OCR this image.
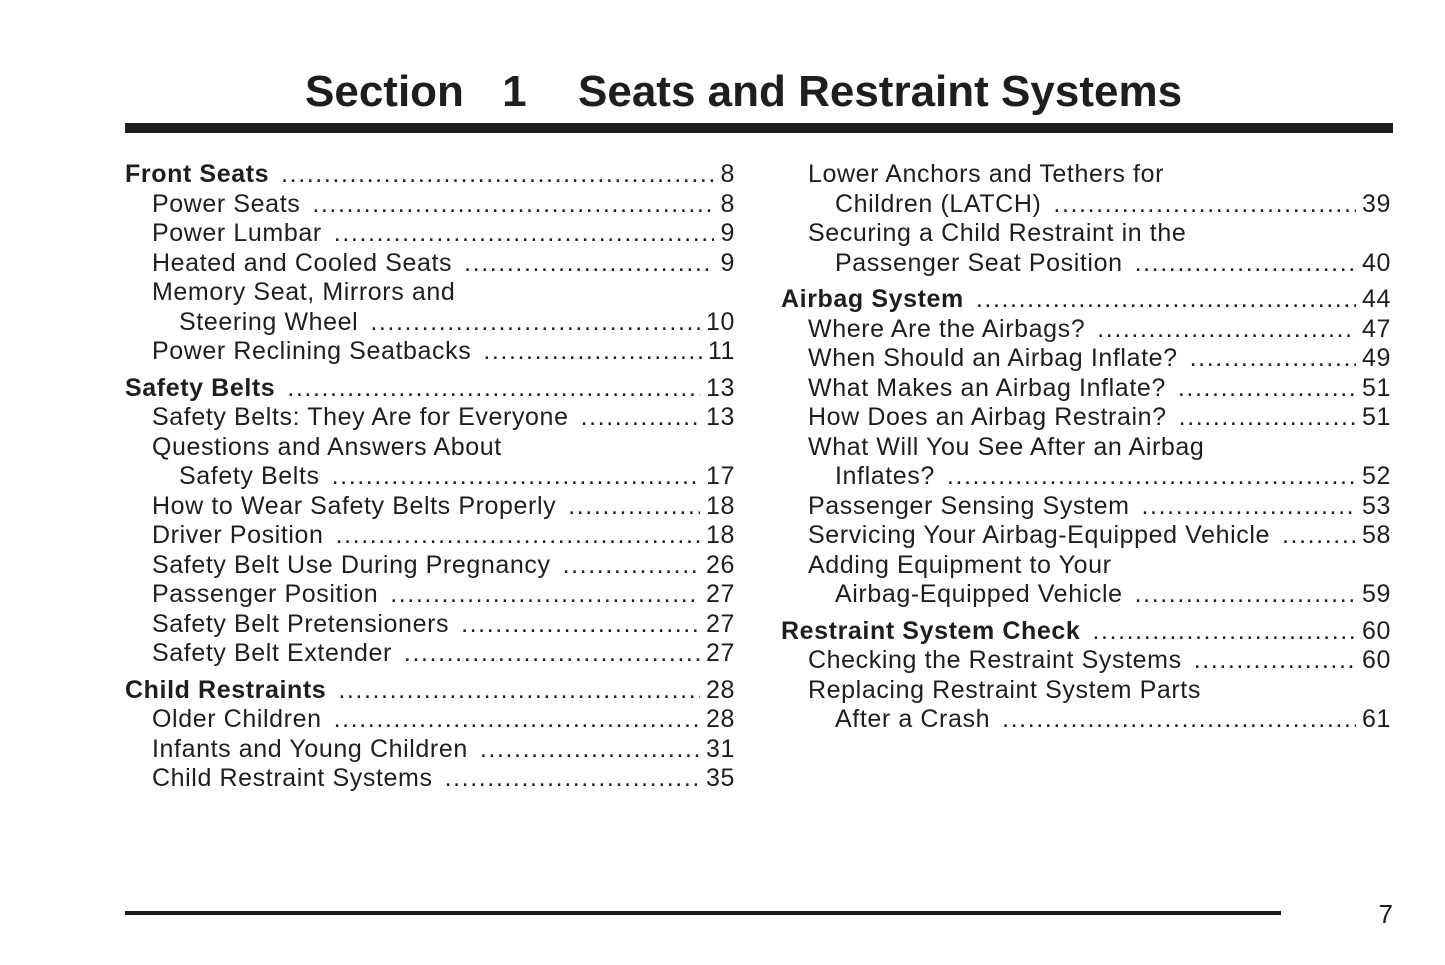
Section 1 Seats and Restraint Systems
Front Seats .....	8
Power Seats .....	8
Power Lumbar .....	9
Heated and Cooled Seats .....	9
Memory Seat, Mirrors and
Steering Wheel .....	10
Power Reclining Seatbacks .....	11
Safety Belts .....	13
Safety Belts: They Are for Everyone .....	13
Questions and Answers About
Safety Belts .....	17
How to Wear Safety Belts Properly .....	18
Driver Position .....	18
Safety Belt Use During Pregnancy .....	26
Passenger Position .....	27
Safety Belt Pretensioners .....	27
Safety Belt Extender .....	27
Child Restraints .....	28
Older Children .....	28
Infants and Young Children .....	31
Child Restraint Systems .....	35
Lower Anchors and Tethers for
Children (LATCH) .....	39
Securing a Child Restraint in the
Passenger Seat Position .....	40
Airbag System .....	44
Where Are the Airbags? .....	47
When Should an Airbag Inflate? .....	49
What Makes an Airbag Inflate? .....	51
How Does an Airbag Restrain? .....	51
What Will You See After an Airbag
Inflates? .....	52
Passenger Sensing System .....	53
Servicing Your Airbag-Equipped Vehicle .....	58
Adding Equipment to Your
Airbag-Equipped Vehicle .....	59
Restraint System Check .....	60
Checking the Restraint Systems .....	60
Replacing Restraint System Parts
After a Crash .....	61
7
